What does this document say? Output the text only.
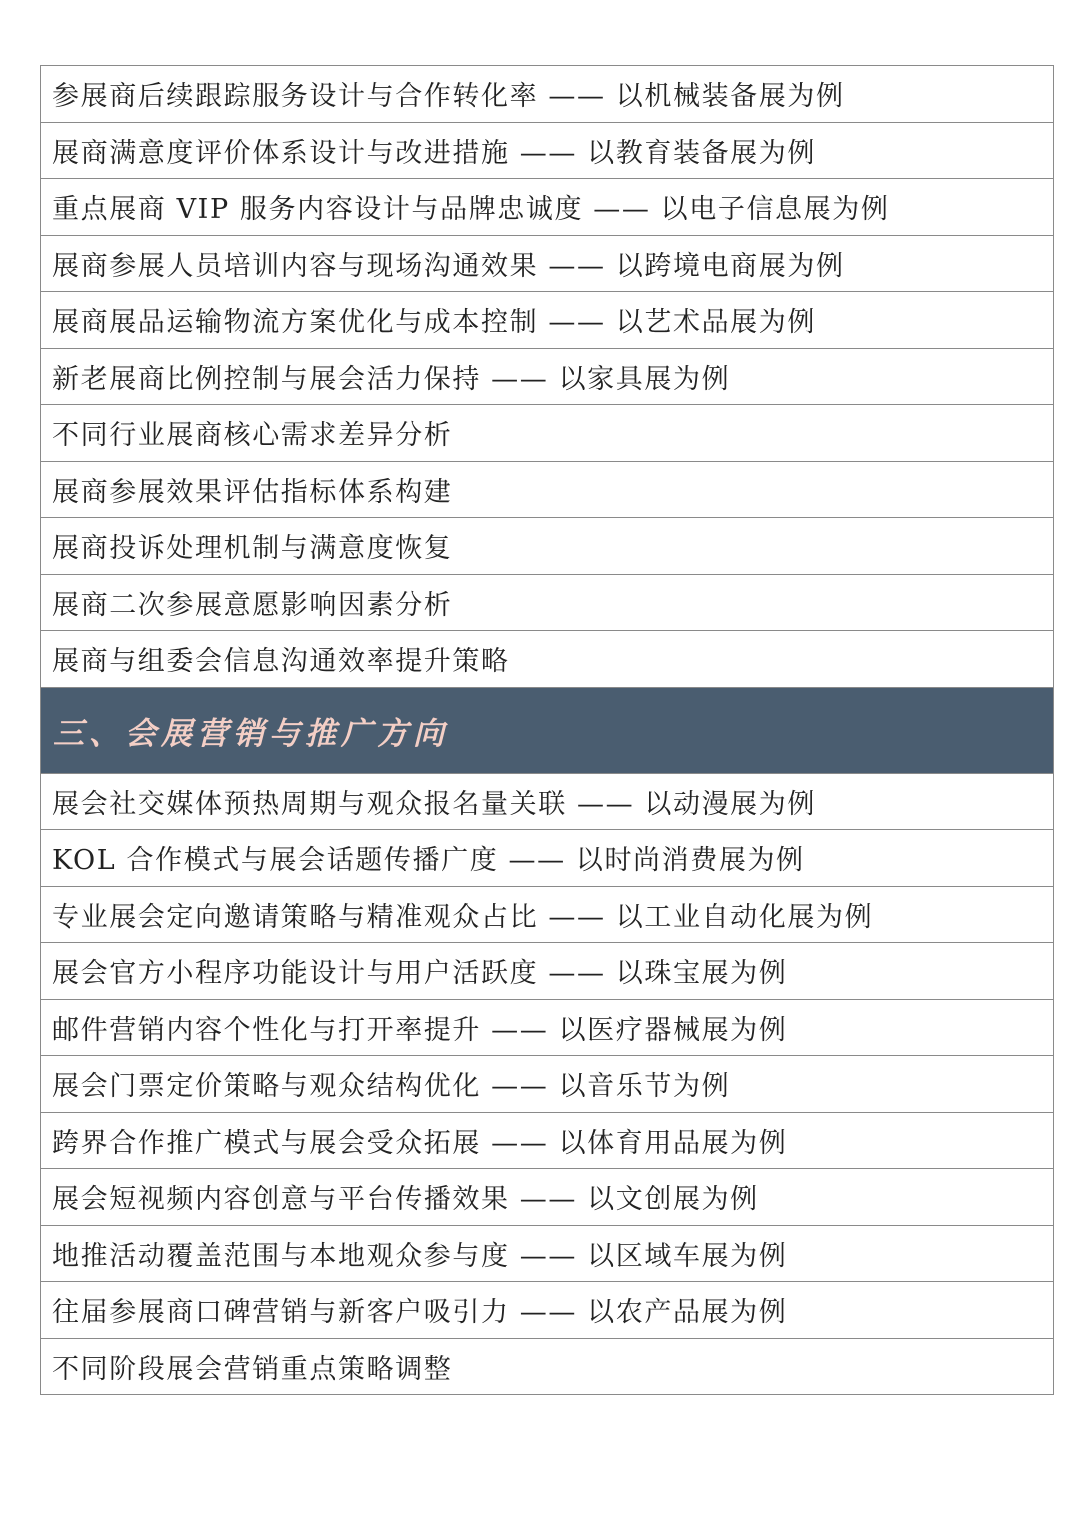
参展商后续跟踪服务设计与合作转化率 —— 以机械装备展为例
展商满意度评价体系设计与改进措施 —— 以教育装备展为例
重点展商 VIP 服务内容设计与品牌忠诚度 —— 以电子信息展为例
展商参展人员培训内容与现场沟通效果 —— 以跨境电商展为例
展商展品运输物流方案优化与成本控制 —— 以艺术品展为例
新老展商比例控制与展会活力保持 —— 以家具展为例
不同行业展商核心需求差异分析
展商参展效果评估指标体系构建
展商投诉处理机制与满意度恢复
展商二次参展意愿影响因素分析
展商与组委会信息沟通效率提升策略
三、会展营销与推广方向
展会社交媒体预热周期与观众报名量关联 —— 以动漫展为例
KOL 合作模式与展会话题传播广度 —— 以时尚消费展为例
专业展会定向邀请策略与精准观众占比 —— 以工业自动化展为例
展会官方小程序功能设计与用户活跃度 —— 以珠宝展为例
邮件营销内容个性化与打开率提升 —— 以医疗器械展为例
展会门票定价策略与观众结构优化 —— 以音乐节为例
跨界合作推广模式与展会受众拓展 —— 以体育用品展为例
展会短视频内容创意与平台传播效果 —— 以文创展为例
地推活动覆盖范围与本地观众参与度 —— 以区域车展为例
往届参展商口碑营销与新客户吸引力 —— 以农产品展为例
不同阶段展会营销重点策略调整
